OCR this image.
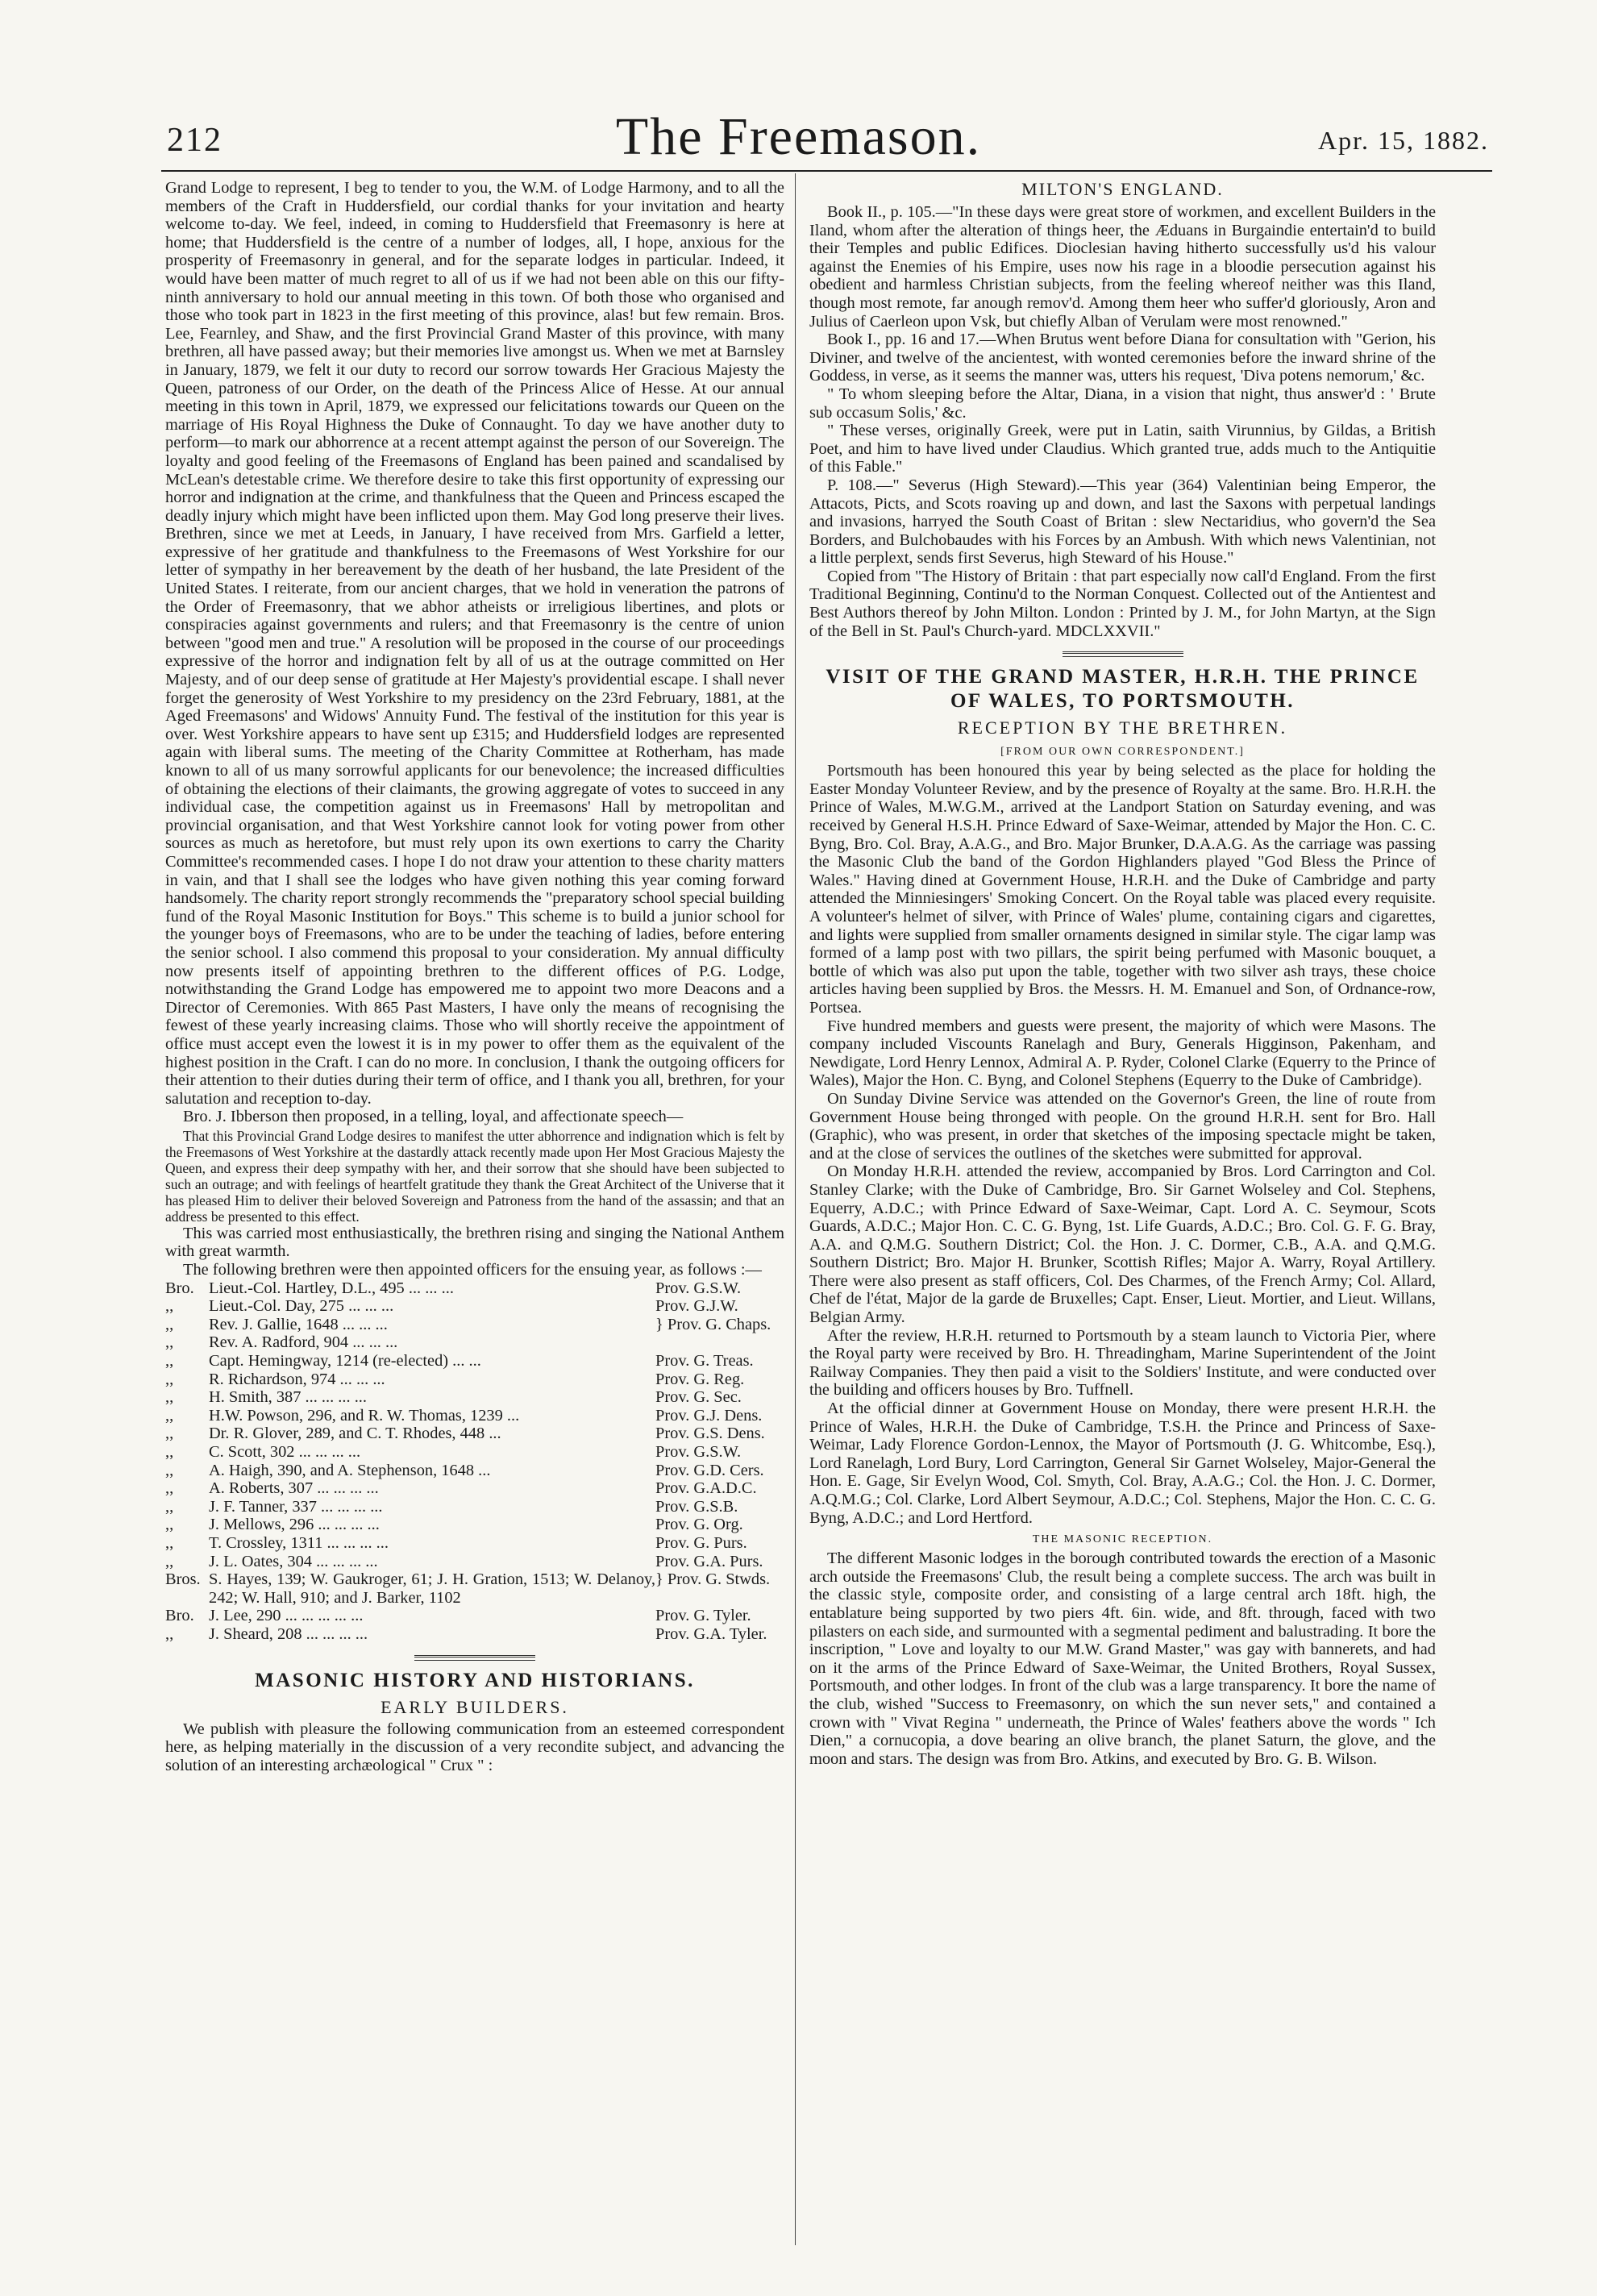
212	The Freemason.	Apr. 15, 1882.

Grand Lodge to represent, I beg to tender to you, the W.M. of Lodge Harmony, and to all the members of the Craft in Huddersfield, our cordial thanks for your invitation and hearty welcome to-day. We feel, indeed, in coming to Huddersfield that Freemasonry is here at home; that Huddersfield is the centre of a number of lodges, all, I hope, anxious for the prosperity of Freemasonry in general, and for the separate lodges in particular. Indeed, it would have been matter of much regret to all of us if we had not been able on this our fifty-ninth anniversary to hold our annual meeting in this town. Of both those who organised and those who took part in 1823 in the first meeting of this province, alas! but few remain. Bros. Lee, Fearnley, and Shaw, and the first Provincial Grand Master of this province, with many brethren, all have passed away; but their memories live amongst us. When we met at Barnsley in January, 1879, we felt it our duty to record our sorrow towards Her Gracious Majesty the Queen, patroness of our Order, on the death of the Princess Alice of Hesse. At our annual meeting in this town in April, 1879, we expressed our felicitations towards our Queen on the marriage of His Royal Highness the Duke of Connaught. To day we have another duty to perform—to mark our abhorrence at a recent attempt against the person of our Sovereign. The loyalty and good feeling of the Freemasons of England has been pained and scandalised by McLean's detestable crime. We therefore desire to take this first opportunity of expressing our horror and indignation at the crime, and thankfulness that the Queen and Princess escaped the deadly injury which might have been inflicted upon them. May God long preserve their lives. Brethren, since we met at Leeds, in January, I have received from Mrs. Garfield a letter, expressive of her gratitude and thankfulness to the Freemasons of West Yorkshire for our letter of sympathy in her bereavement by the death of her husband, the late President of the United States. I reiterate, from our ancient charges, that we hold in veneration the patrons of the Order of Freemasonry, that we abhor atheists or irreligious libertines, and plots or conspiracies against governments and rulers; and that Freemasonry is the centre of union between "good men and true." A resolution will be proposed in the course of our proceedings expressive of the horror and indignation felt by all of us at the outrage committed on Her Majesty, and of our deep sense of gratitude at Her Majesty's providential escape. I shall never forget the generosity of West Yorkshire to my presidency on the 23rd February, 1881, at the Aged Freemasons' and Widows' Annuity Fund. The festival of the institution for this year is over. West Yorkshire appears to have sent up £315; and Huddersfield lodges are represented again with liberal sums. The meeting of the Charity Committee at Rotherham, has made known to all of us many sorrowful applicants for our benevolence; the increased difficulties of obtaining the elections of their claimants, the growing aggregate of votes to succeed in any individual case, the competition against us in Freemasons' Hall by metropolitan and provincial organisation, and that West Yorkshire cannot look for voting power from other sources as much as heretofore, but must rely upon its own exertions to carry the Charity Committee's recommended cases. I hope I do not draw your attention to these charity matters in vain, and that I shall see the lodges who have given nothing this year coming forward handsomely. The charity report strongly recommends the "preparatory school special building fund of the Royal Masonic Institution for Boys." This scheme is to build a junior school for the younger boys of Freemasons, who are to be under the teaching of ladies, before entering the senior school. I also commend this proposal to your consideration. My annual difficulty now presents itself of appointing brethren to the different offices of P.G. Lodge, notwithstanding the Grand Lodge has empowered me to appoint two more Deacons and a Director of Ceremonies. With 865 Past Masters, I have only the means of recognising the fewest of these yearly increasing claims. Those who will shortly receive the appointment of office must accept even the lowest it is in my power to offer them as the equivalent of the highest position in the Craft. I can do no more. In conclusion, I thank the outgoing officers for their attention to their duties during their term of office, and I thank you all, brethren, for your salutation and reception to-day.

Bro. J. Ibberson then proposed, in a telling, loyal, and affectionate speech—

That this Provincial Grand Lodge desires to manifest the utter abhorrence and indignation which is felt by the Freemasons of West Yorkshire at the dastardly attack recently made upon Her Most Gracious Majesty the Queen, and express their deep sympathy with her, and their sorrow that she should have been subjected to such an outrage; and with feelings of heartfelt gratitude they thank the Great Architect of the Universe that it has pleased Him to deliver their beloved Sovereign and Patroness from the hand of the assassin; and that an address be presented to this effect.

This was carried most enthusiastically, the brethren rising and singing the National Anthem with great warmth.

The following brethren were then appointed officers for the ensuing year, as follows :—

Bro.	Lieut.-Col. Hartley, D.L., 495 ... ... ...	Prov. G.S.W.
,,	Lieut.-Col. Day, 275 ... ... ...	Prov. G.J.W.
,,	Rev. J. Gallie, 1648 ... ... ...	} Prov. G. Chaps.
,,	Rev. A. Radford, 904 ... ... ...	
,,	Capt. Hemingway, 1214 (re-elected) ... ...	Prov. G. Treas.
,,	R. Richardson, 974 ... ... ...	Prov. G. Reg.
,,	H. Smith, 387 ... ... ... ...	Prov. G. Sec.
,,	H.W. Powson, 296, and R. W. Thomas, 1239 ...	Prov. G.J. Dens.
,,	Dr. R. Glover, 289, and C. T. Rhodes, 448 ...	Prov. G.S. Dens.
,,	C. Scott, 302 ... ... ... ...	Prov. G.S.W.
,,	A. Haigh, 390, and A. Stephenson, 1648 ...	Prov. G.D. Cers.
,,	A. Roberts, 307 ... ... ... ...	Prov. G.A.D.C.
,,	J. F. Tanner, 337 ... ... ... ...	Prov. G.S.B.
,,	J. Mellows, 296 ... ... ... ...	Prov. G. Org.
,,	T. Crossley, 1311 ... ... ... ...	Prov. G. Purs.
,,	J. L. Oates, 304 ... ... ... ...	Prov. G.A. Purs.
Bros.	S. Hayes, 139; W. Gaukroger, 61; J. H. Gration, 1513; W. Delanoy, 242; W. Hall, 910; and J. Barker, 1102	} Prov. G. Stwds.
Bro.	J. Lee, 290 ... ... ... ... ...	Prov. G. Tyler.
,,	J. Sheard, 208 ... ... ... ...	Prov. G.A. Tyler.
MASONIC HISTORY AND HISTORIANS.
EARLY BUILDERS.

We publish with pleasure the following communication from an esteemed correspondent here, as helping materially in the discussion of a very recondite subject, and advancing the solution of an interesting archæological " Crux " :

MILTON'S ENGLAND.

Book II., p. 105.—"In these days were great store of workmen, and excellent Builders in the Iland, whom after the alteration of things heer, the Æduans in Burgaindie entertain'd to build their Temples and public Edifices. Dioclesian having hitherto successfully us'd his valour against the Enemies of his Empire, uses now his rage in a bloodie persecution against his obedient and harmless Christian subjects, from the feeling whereof neither was this Iland, though most remote, far anough remov'd. Among them heer who suffer'd gloriously, Aron and Julius of Caerleon upon Vsk, but chiefly Alban of Verulam were most renowned."

Book I., pp. 16 and 17.—When Brutus went before Diana for consultation with "Gerion, his Diviner, and twelve of the ancientest, with wonted ceremonies before the inward shrine of the Goddess, in verse, as it seems the manner was, utters his request, 'Diva potens nemorum,' &c.

" To whom sleeping before the Altar, Diana, in a vision that night, thus answer'd : ' Brute sub occasum Solis,' &c.

" These verses, originally Greek, were put in Latin, saith Virunnius, by Gildas, a British Poet, and him to have lived under Claudius. Which granted true, adds much to the Antiquitie of this Fable."

P. 108.—" Severus (High Steward).—This year (364) Valentinian being Emperor, the Attacots, Picts, and Scots roaving up and down, and last the Saxons with perpetual landings and invasions, harryed the South Coast of Britan : slew Nectaridius, who govern'd the Sea Borders, and Bulchobaudes with his Forces by an Ambush. With which news Valentinian, not a little perplext, sends first Severus, high Steward of his House."

Copied from "The History of Britain : that part especially now call'd England. From the first Traditional Beginning, Continu'd to the Norman Conquest. Collected out of the Antientest and Best Authors thereof by John Milton. London : Printed by J. M., for John Martyn, at the Sign of the Bell in St. Paul's Church-yard. MDCLXXVII."

VISIT OF THE GRAND MASTER, H.R.H. THE PRINCE OF WALES, TO PORTSMOUTH.
RECEPTION BY THE BRETHREN.
[FROM OUR OWN CORRESPONDENT.]

Portsmouth has been honoured this year by being selected as the place for holding the Easter Monday Volunteer Review, and by the presence of Royalty at the same. Bro. H.R.H. the Prince of Wales, M.W.G.M., arrived at the Landport Station on Saturday evening, and was received by General H.S.H. Prince Edward of Saxe-Weimar, attended by Major the Hon. C. C. Byng, Bro. Col. Bray, A.A.G., and Bro. Major Brunker, D.A.A.G. As the carriage was passing the Masonic Club the band of the Gordon Highlanders played "God Bless the Prince of Wales." Having dined at Government House, H.R.H. and the Duke of Cambridge and party attended the Minniesingers' Smoking Concert. On the Royal table was placed every requisite. A volunteer's helmet of silver, with Prince of Wales' plume, containing cigars and cigarettes, and lights were supplied from smaller ornaments designed in similar style. The cigar lamp was formed of a lamp post with two pillars, the spirit being perfumed with Masonic bouquet, a bottle of which was also put upon the table, together with two silver ash trays, these choice articles having been supplied by Bros. the Messrs. H. M. Emanuel and Son, of Ordnance-row, Portsea.

Five hundred members and guests were present, the majority of which were Masons. The company included Viscounts Ranelagh and Bury, Generals Higginson, Pakenham, and Newdigate, Lord Henry Lennox, Admiral A. P. Ryder, Colonel Clarke (Equerry to the Prince of Wales), Major the Hon. C. Byng, and Colonel Stephens (Equerry to the Duke of Cambridge).

On Sunday Divine Service was attended on the Governor's Green, the line of route from Government House being thronged with people. On the ground H.R.H. sent for Bro. Hall (Graphic), who was present, in order that sketches of the imposing spectacle might be taken, and at the close of services the outlines of the sketches were submitted for approval.

On Monday H.R.H. attended the review, accompanied by Bros. Lord Carrington and Col. Stanley Clarke; with the Duke of Cambridge, Bro. Sir Garnet Wolseley and Col. Stephens, Equerry, A.D.C.; with Prince Edward of Saxe-Weimar, Capt. Lord A. C. Seymour, Scots Guards, A.D.C.; Major Hon. C. C. G. Byng, 1st. Life Guards, A.D.C.; Bro. Col. G. F. G. Bray, A.A. and Q.M.G. Southern District; Col. the Hon. J. C. Dormer, C.B., A.A. and Q.M.G. Southern District; Bro. Major H. Brunker, Scottish Rifles; Major A. Warry, Royal Artillery. There were also present as staff officers, Col. Des Charmes, of the French Army; Col. Allard, Chef de l'état, Major de la garde de Bruxelles; Capt. Enser, Lieut. Mortier, and Lieut. Willans, Belgian Army.

After the review, H.R.H. returned to Portsmouth by a steam launch to Victoria Pier, where the Royal party were received by Bro. H. Threadingham, Marine Superintendent of the Joint Railway Companies. They then paid a visit to the Soldiers' Institute, and were conducted over the building and officers houses by Bro. Tuffnell.

At the official dinner at Government House on Monday, there were present H.R.H. the Prince of Wales, H.R.H. the Duke of Cambridge, T.S.H. the Prince and Princess of Saxe-Weimar, Lady Florence Gordon-Lennox, the Mayor of Portsmouth (J. G. Whitcombe, Esq.), Lord Ranelagh, Lord Bury, Lord Carrington, General Sir Garnet Wolseley, Major-General the Hon. E. Gage, Sir Evelyn Wood, Col. Smyth, Col. Bray, A.A.G.; Col. the Hon. J. C. Dormer, A.Q.M.G.; Col. Clarke, Lord Albert Seymour, A.D.C.; Col. Stephens, Major the Hon. C. C. G. Byng, A.D.C.; and Lord Hertford.

THE MASONIC RECEPTION.

The different Masonic lodges in the borough contributed towards the erection of a Masonic arch outside the Freemasons' Club, the result being a complete success. The arch was built in the classic style, composite order, and consisting of a large central arch 18ft. high, the entablature being supported by two piers 4ft. 6in. wide, and 8ft. through, faced with two pilasters on each side, and surmounted with a segmental pediment and balustrading. It bore the inscription, " Love and loyalty to our M.W. Grand Master," was gay with bannerets, and had on it the arms of the Prince Edward of Saxe-Weimar, the United Brothers, Royal Sussex, Portsmouth, and other lodges. In front of the club was a large transparency. It bore the name of the club, wished "Success to Freemasonry, on which the sun never sets," and contained a crown with " Vivat Regina " underneath, the Prince of Wales' feathers above the words " Ich Dien," a cornucopia, a dove bearing an olive branch, the planet Saturn, the glove, and the moon and stars. The design was from Bro. Atkins, and executed by Bro. G. B. Wilson.
